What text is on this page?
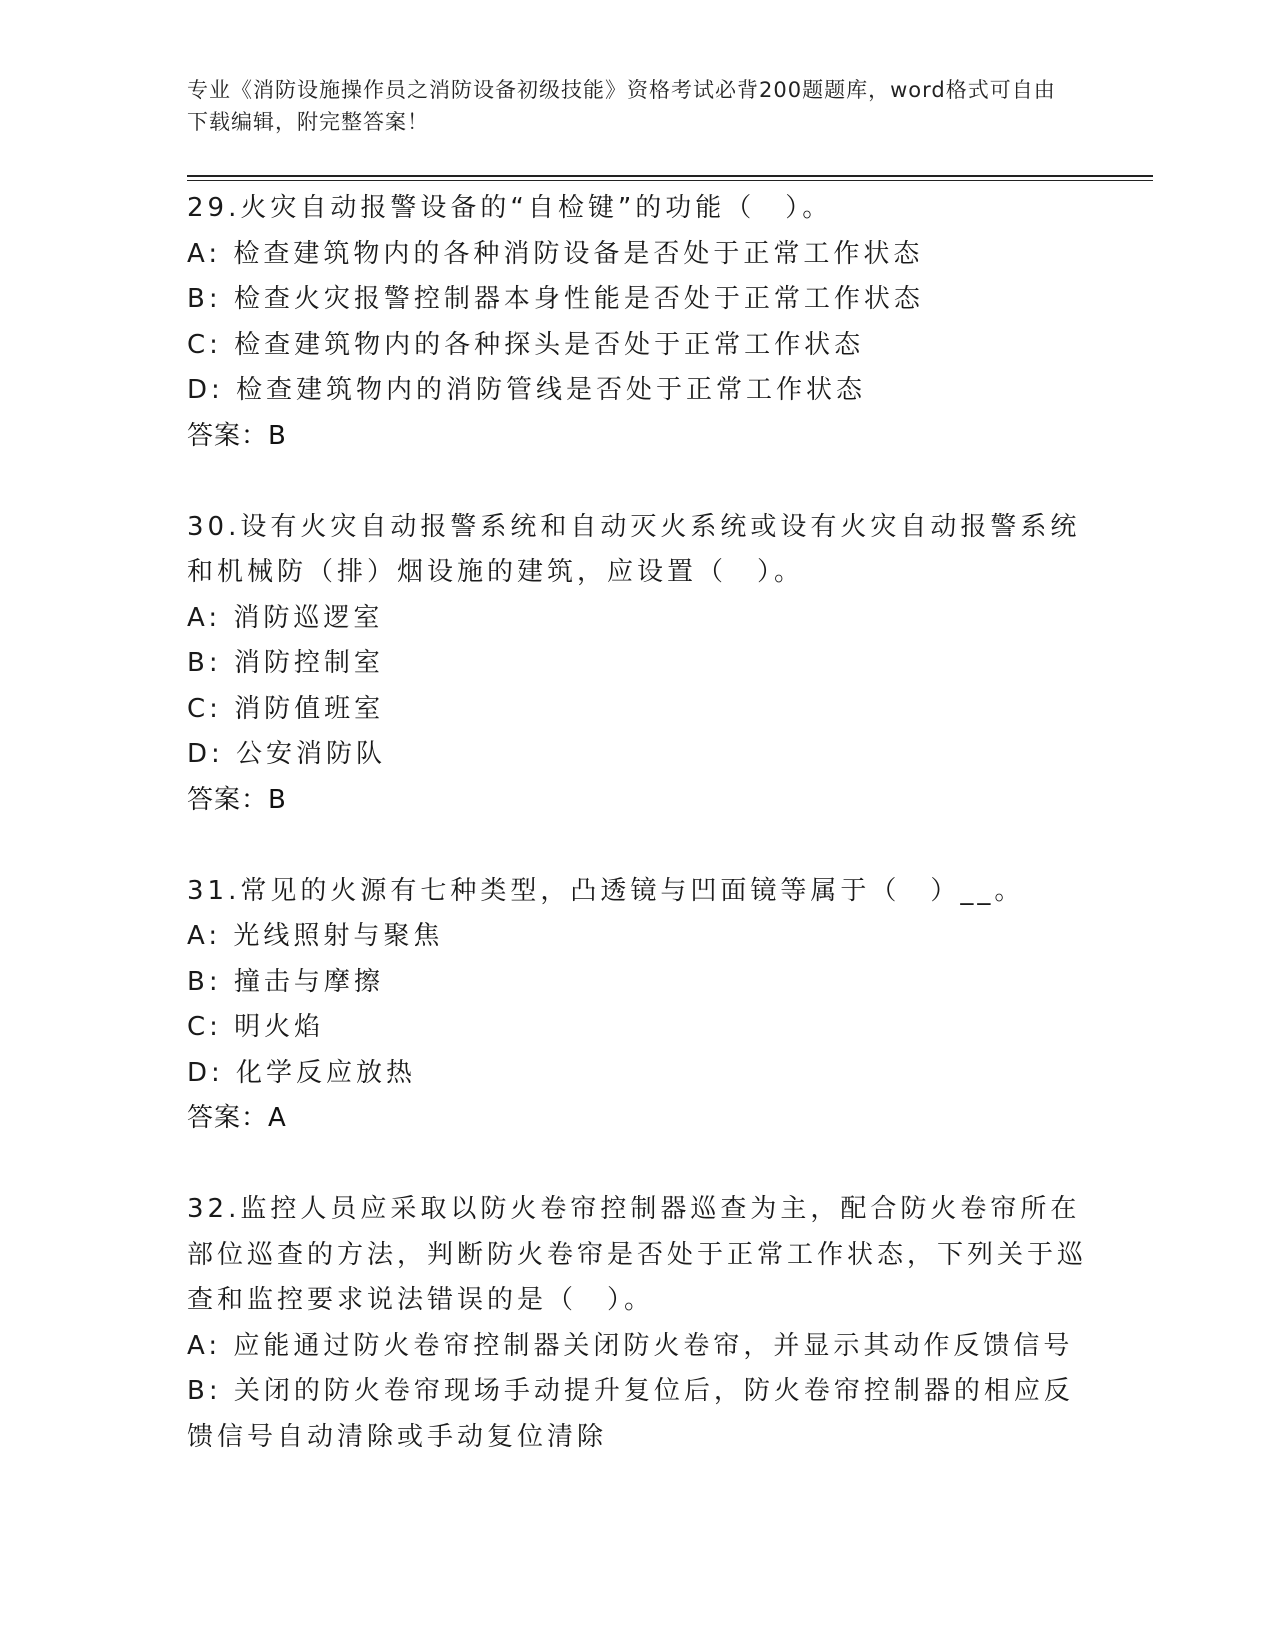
专业《消防设施操作员之消防设备初级技能》资格考试必背200题题库，word格式可自由下载编辑，附完整答案！

29.火灾自动报警设备的“自检键”的功能（　）。

A: 检查建筑物内的各种消防设备是否处于正常工作状态

B: 检查火灾报警控制器本身性能是否处于正常工作状态

C: 检查建筑物内的各种探头是否处于正常工作状态

D: 检查建筑物内的消防管线是否处于正常工作状态

答案：B

30.设有火灾自动报警系统和自动灭火系统或设有火灾自动报警系统和机械防（排）烟设施的建筑，应设置（　）。

A: 消防巡逻室

B: 消防控制室

C: 消防值班室

D: 公安消防队

答案：B

31.常见的火源有七种类型，凸透镜与凹面镜等属于（　）__。

A: 光线照射与聚焦

B: 撞击与摩擦

C: 明火焰

D: 化学反应放热

答案：A

32.监控人员应采取以防火卷帘控制器巡查为主，配合防火卷帘所在部位巡查的方法，判断防火卷帘是否处于正常工作状态，下列关于巡查和监控要求说法错误的是（　）。

A: 应能通过防火卷帘控制器关闭防火卷帘，并显示其动作反馈信号

B: 关闭的防火卷帘现场手动提升复位后，防火卷帘控制器的相应反馈信号自动清除或手动复位清除
